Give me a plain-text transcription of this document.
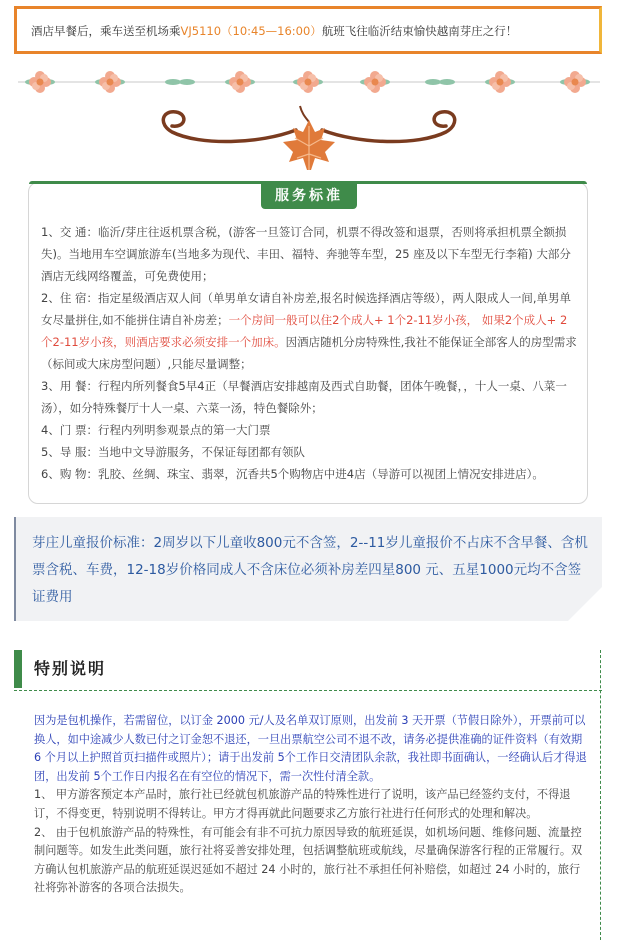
酒店早餐后，乘车送至机场乘VJ5110（10:45—16:00）航班飞往临沂结束愉快越南芽庄之行！
服务标准

1、交 通：临沂/芽庄往返机票含税，(游客一旦签订合同，机票不得改签和退票，否则将承担机票全额损失)。当地用车空调旅游车(当地多为现代、丰田、福特、奔驰等车型，25 座及以下车型无行李箱) 大部分酒店无线网络覆盖，可免费使用；

2、住 宿：指定星级酒店双人间（单男单女请自补房差,报名时候选择酒店等级），两人限成人一间,单男单女尽量拼住,如不能拼住请自补房差；一个房间一般可以住2个成人+ 1个2-11岁小孩， 如果2个成人+ 2个2-11岁小孩，则酒店要求必须安排一个加床。因酒店随机分房特殊性,我社不能保证全部客人的房型需求（标间或大床房型问题）,只能尽量调整；

3、用 餐：行程内所列餐食5早4正（早餐酒店安排越南及西式自助餐，团体午晚餐，，十人一桌、八菜一汤），如分特殊餐厅十人一桌、六菜一汤，特色餐除外；

4、门 票：行程内列明参观景点的第一大门票

5、导 服：当地中文导游服务，不保证每团都有领队

6、购 物：乳胶、丝绸、珠宝、翡翠，沉香共5个购物店中进4店（导游可以视团上情况安排进店）。

芽庄儿童报价标准：2周岁以下儿童收800元不含签，2--11岁儿童报价不占床不含早餐、含机票含税、车费，12-18岁价格同成人不含床位必须补房差四星800 元、五星1000元均不含签证费用
特别说明

因为是包机操作，若需留位，以订金 2000 元/人及名单双订原则，出发前 3 天开票（节假日除外），开票前可以换人，如中途减少人数已付之订金恕不退还，一旦出票航空公司不退不改，请务必提供准确的证件资料（有效期 6 个月以上护照首页扫描件或照片）；请于出发前 5个工作日交清团队余款，我社即书面确认，一经确认后才得退团，出发前 5个工作日内报名在有空位的情况下，需一次性付清全款。

1、 甲方游客预定本产品时，旅行社已经就包机旅游产品的特殊性进行了说明，该产品已经签约支付，不得退订，不得变更，特别说明不得转让。甲方才得再就此问题要求乙方旅行社进行任何形式的处理和解决。

2、 由于包机旅游产品的特殊性，有可能会有非不可抗力原因导致的航班延误，如机场问题、维修问题、流量控制问题等。如发生此类问题，旅行社将妥善安排处理，包括调整航班或航线，尽量确保游客行程的正常履行。双方确认包机旅游产品的航班延误迟延如不超过 24 小时的，旅行社不承担任何补赔偿，如超过 24 小时的，旅行社将弥补游客的各项合法损失。
